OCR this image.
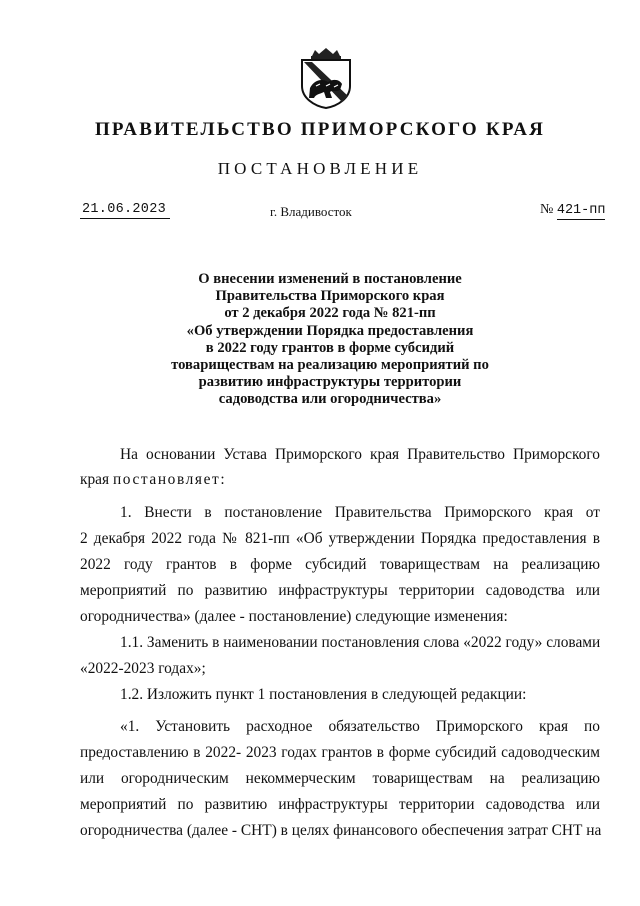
ПРАВИТЕЛЬСТВО ПРИМОРСКОГО КРАЯ
ПОСТАНОВЛЕНИЕ
21.06.2023	г. Владивосток	№ 421-пп
О внесении изменений в постановление
Правительства Приморского края
от 2 декабря 2022 года № 821-пп
«Об утверждении Порядка предоставления
в 2022 году грантов в форме субсидий
товариществам на реализацию мероприятий по
развитию инфраструктуры территории
садоводства или огородничества»
На основании Устава Приморского края Правительство Приморского
края постановляет:
1. Внести в постановление Правительства Приморского края от
2 декабря 2022 года № 821-пп «Об утверждении Порядка предоставления в
2022 году грантов в форме субсидий товариществам на реализацию
мероприятий по развитию инфраструктуры территории садоводства или
огородничества» (далее - постановление) следующие изменения:
1.1. Заменить в наименовании постановления слова «2022 году» словами
«2022-2023 годах»;
1.2. Изложить пункт 1 постановления в следующей редакции:
«1. Установить расходное обязательство Приморского края по
предоставлению в 2022- 2023 годах грантов в форме субсидий садоводческим
или огородническим некоммерческим товариществам на реализацию
мероприятий по развитию инфраструктуры территории садоводства или
огородничества (далее - СНТ) в целях финансового обеспечения затрат СНТ на
